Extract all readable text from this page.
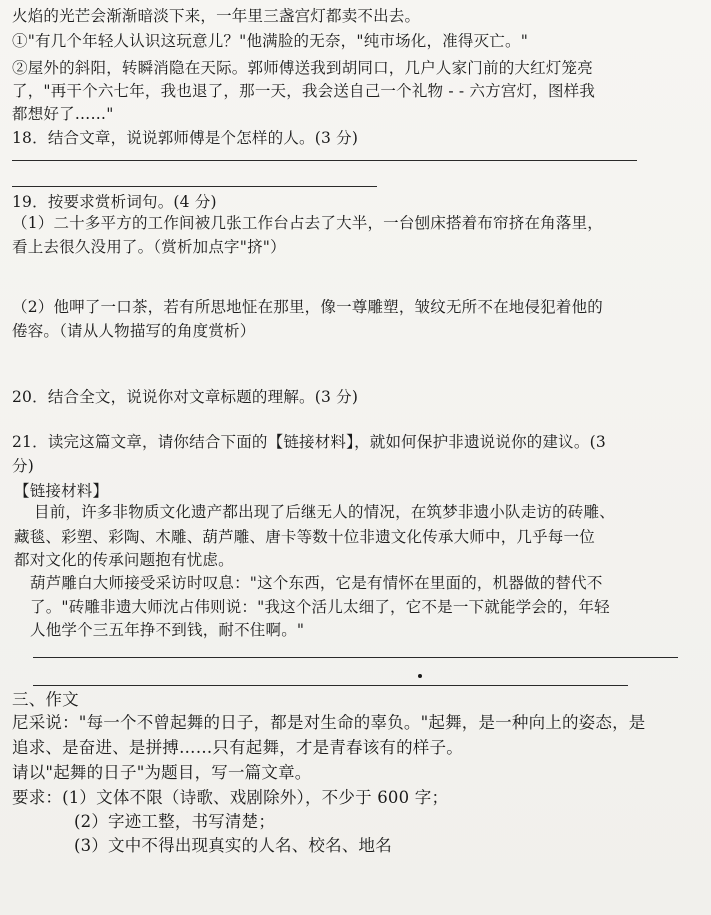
火焰的光芒会渐渐暗淡下来，一年里三盏宫灯都卖不出去。
①"有几个年轻人认识这玩意儿？"他满脸的无奈，"纯市场化，准得灭亡。"
②屋外的斜阳，转瞬消隐在天际。郭师傅送我到胡同口，几户人家门前的大红灯笼亮
了，"再干个六七年，我也退了，那一天，我会送自己一个礼物 - - 六方宫灯，图样我
都想好了……"
18．结合文章，说说郭师傅是个怎样的人。(3 分)
19．按要求赏析词句。(4 分)
（1）二十多平方的工作间被几张工作台占去了大半，一台刨床搭着布帘挤在角落里，
看上去很久没用了。（赏析加点字"挤"）
（2）他呷了一口茶，若有所思地怔在那里，像一尊雕塑，皱纹无所不在地侵犯着他的
倦容。（请从人物描写的角度赏析）
20．结合全文，说说你对文章标题的理解。(3 分)
21．读完这篇文章，请你结合下面的【链接材料】，就如何保护非遗说说你的建议。(3
分)
【链接材料】
目前，许多非物质文化遗产都出现了后继无人的情况，在筑梦非遗小队走访的砖雕、
藏毯、彩塑、彩陶、木雕、葫芦雕、唐卡等数十位非遗文化传承大师中，几乎每一位
都对文化的传承问题抱有忧虑。
葫芦雕白大师接受采访时叹息："这个东西，它是有情怀在里面的，机器做的替代不
了。"砖雕非遗大师沈占伟则说："我这个活儿太细了，它不是一下就能学会的，年轻
人他学个三五年挣不到钱，耐不住啊。"
三、作文
尼采说："每一个不曾起舞的日子，都是对生命的辜负。"起舞，是一种向上的姿态，是
追求、是奋进、是拼搏……只有起舞，才是青春该有的样子。
请以"起舞的日子"为题目，写一篇文章。
要求：(1）文体不限（诗歌、戏剧除外），不少于 600 字；
(2）字迹工整，书写清楚；
(3）文中不得出现真实的人名、校名、地名
